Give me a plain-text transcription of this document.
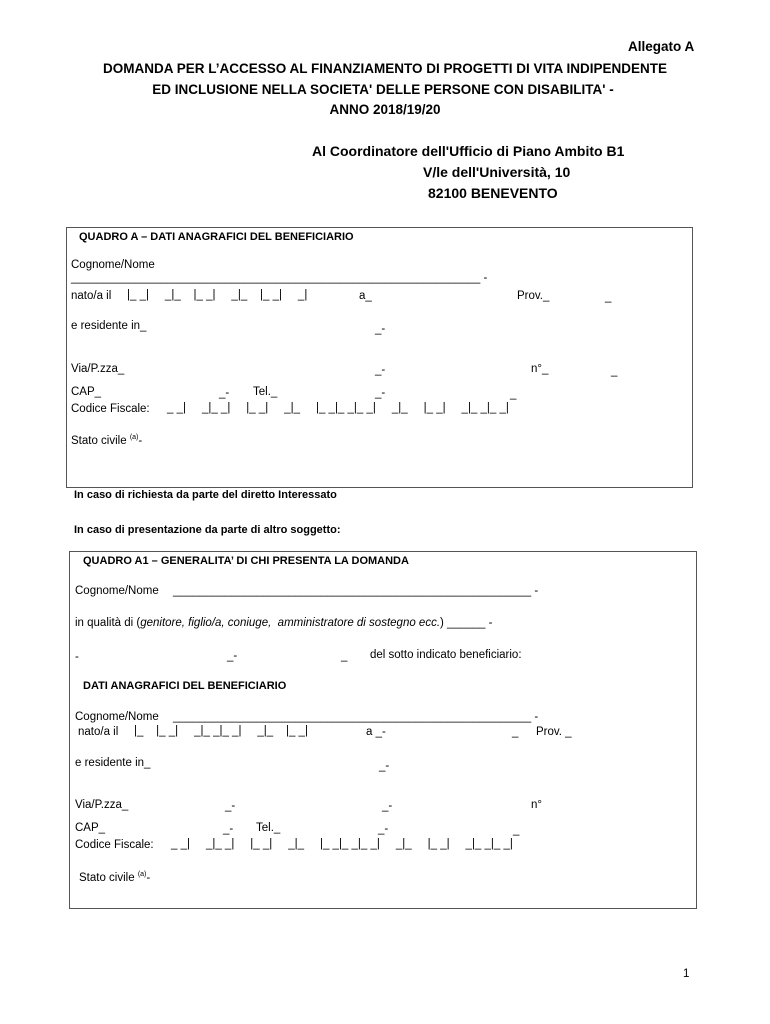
Allegato A
DOMANDA PER L’ACCESSO AL FINANZIAMENTO DI PROGETTI DI VITA INDIPENDENTE
ED INCLUSIONE NELLA SOCIETA' DELLE PERSONE CON DISABILITA' -
ANNO 2018/19/20
Al Coordinatore dell'Ufficio di Piano Ambito B1
V/le dell'Università, 10
82100 BENEVENTO
QUADRO A – DATI ANAGRAFICI DEL BENEFICIARIO
Cognome/Nome
________________________________________________________________ -
nato/a il |_ _|     _|_    |_ _|     _|_    |_ _|     _|	a_	Prov._	_
e residente in_	_-
Via/P.zza_	_-	n°_	_
CAP_	_- Tel._	_-	_
Codice Fiscale: _ _|     _|_ _|     |_ _|     _|_     |_ _|_ _|_ _|     _|_     |_ _|     _|_ _|_ _|
Stato civile $^{(a)}$-
In caso di richiesta da parte del diretto Interessato
In caso di presentazione da parte di altro soggetto:
QUADRO A1 – GENERALITA’ DI CHI PRESENTA LA DOMANDA
Cognome/Nome ________________________________________________________ -
in qualità di (genitore, figlio/a, coniuge,  amministratore di sostegno ecc.) ______ -
-	_-	_ del sotto indicato beneficiario:
DATI ANAGRAFICI DEL BENEFICIARIO
Cognome/Nome ________________________________________________________ -
nato/a il |_    |_ _|     _|_ _|_ _|     _|_    |_ _|	a _-	_ Prov. _
e residente in_	_-
Via/P.zza_	_-	_-	n°
CAP_	_- Tel._	_-	_
Codice Fiscale: _ _|     _|_ _|     |_ _|     _|_     |_ _|_ _|_ _|     _|_     |_ _|     _|_ _|_ _|
Stato civile $^{(a)}$-
1
